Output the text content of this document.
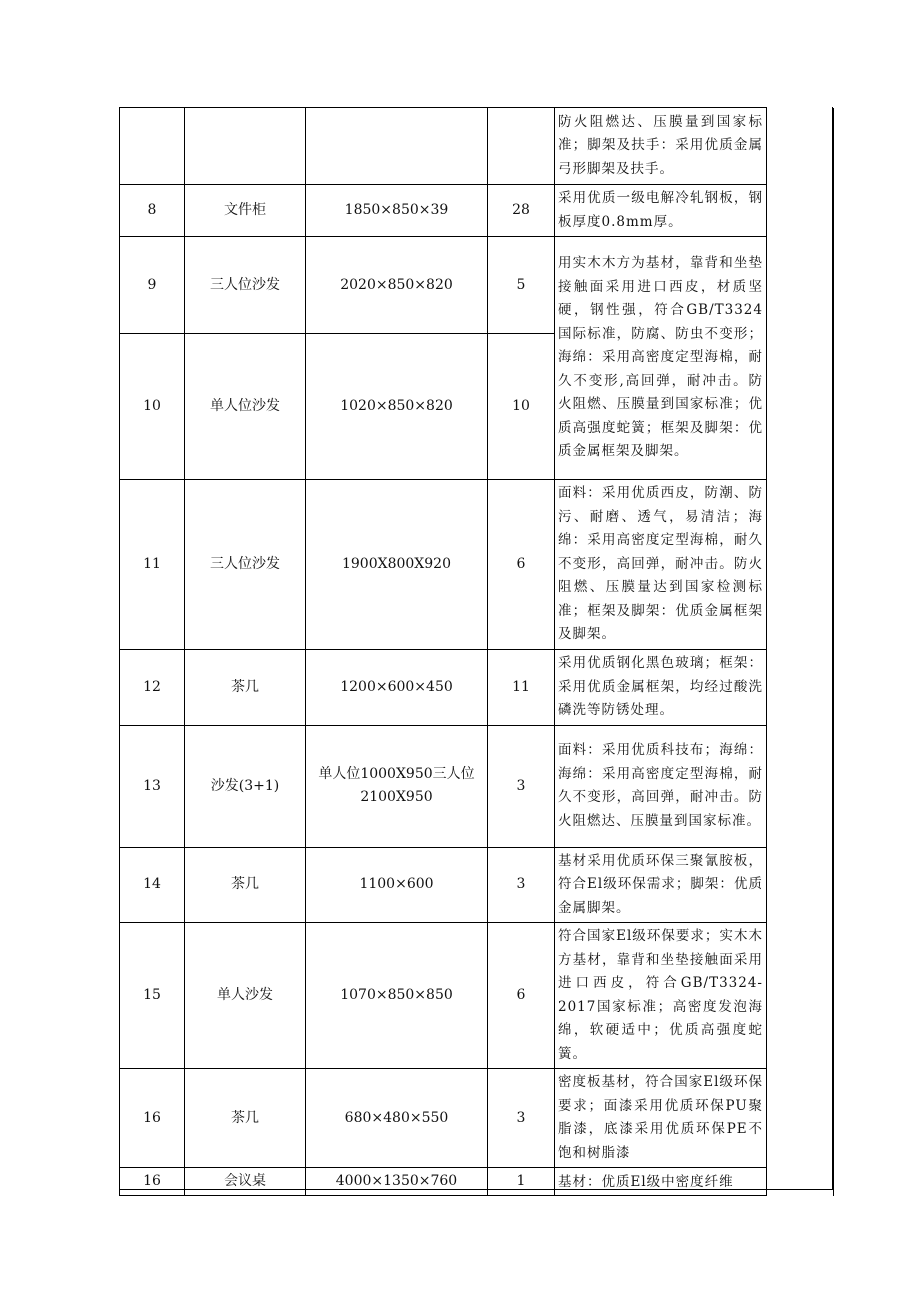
				防火阻燃达、压膜量到国家标准；脚架及扶手：采用优质金属弓形脚架及扶手。	
8	文件柜	1850×850×39	28	采用优质一级电解冷轧钢板，钢板厚度0.8mm厚。	
9	三人位沙发	2020×850×820	5	用实木木方为基材，靠背和坐垫接触面采用进口西皮，材质坚硬，钢性强，符合GB/T3324国际标准，防腐、防虫不变形；海绵：采用高密度定型海棉，耐久不变形,高回弹，耐冲击。防火阻燃、压膜量到国家标准；优质高强度蛇簧；框架及脚架：优质金属框架及脚架。	
10	单人位沙发	1020×850×820	10		
11	三人位沙发	1900X800X920	6	面料：采用优质西皮，防潮、防污、耐磨、透气，易清洁；海绵：采用高密度定型海棉，耐久不变形，高回弹，耐冲击。防火阻燃、压膜量达到国家检测标准；框架及脚架：优质金属框架及脚架。	
12	茶几	1200×600×450	11	采用优质钢化黑色玻璃；框架：采用优质金属框架，均经过酸洗磷洗等防锈处理。	
13	沙发(3+1)	单人位1000X950三人位2100X950	3	面料：采用优质科技布；海绵：海绵：采用高密度定型海棉，耐久不变形，高回弹，耐冲击。防火阻燃达、压膜量到国家标准。	
14	茶几	1100×600	3	基材采用优质环保三聚氰胺板，符合El级环保需求；脚架：优质金属脚架。	
15	单人沙发	1070×850×850	6	符合国家El级环保要求；实木木方基材，靠背和坐垫接触面采用进口西皮，符合GB/T3324-2017国家标准；高密度发泡海绵，软硬适中；优质高强度蛇簧。	
16	茶几	680×480×550	3	密度板基材，符合国家El级环保要求；面漆采用优质环保PU聚脂漆，底漆采用优质环保PE不饱和树脂漆	
16	会议桌	4000×1350×760	1	基材：优质El级中密度纤维	
